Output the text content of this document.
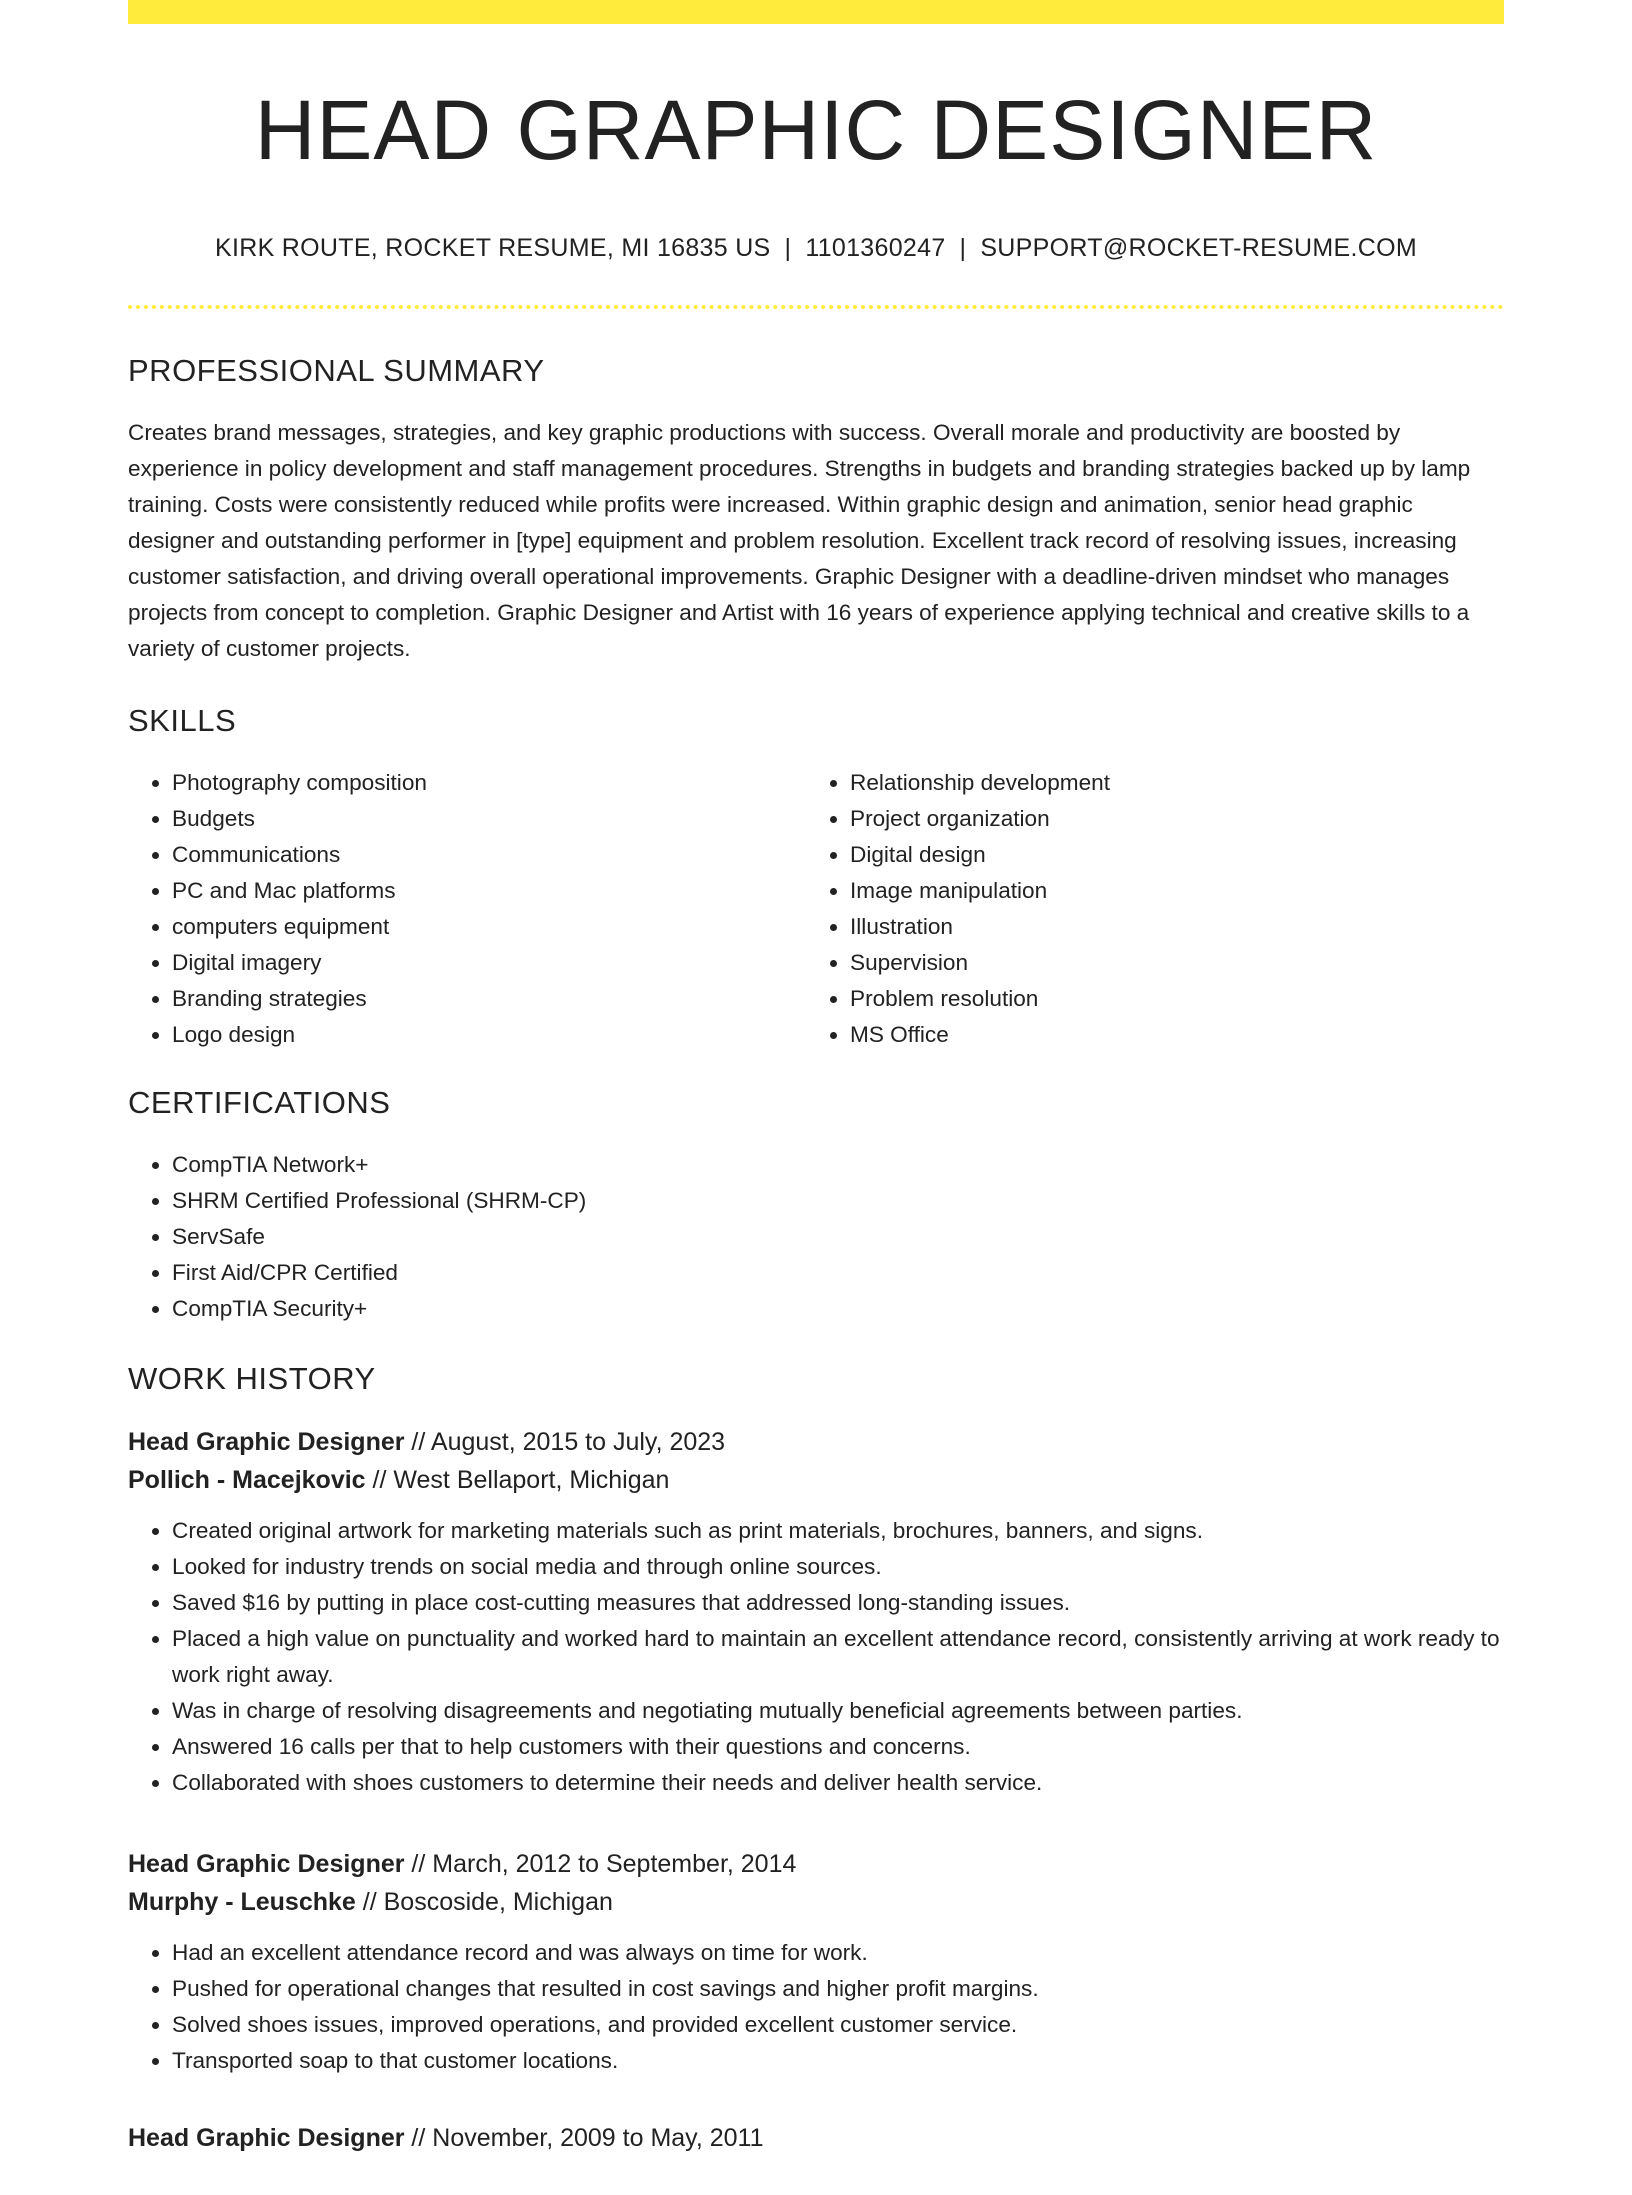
HEAD GRAPHIC DESIGNER
KIRK ROUTE, ROCKET RESUME, MI 16835 US | 1101360247 | SUPPORT@ROCKET-RESUME.COM
PROFESSIONAL SUMMARY

Creates brand messages, strategies, and key graphic productions with success. Overall morale and productivity are boosted by experience in policy development and staff management procedures. Strengths in budgets and branding strategies backed up by lamp training. Costs were consistently reduced while profits were increased. Within graphic design and animation, senior head graphic designer and outstanding performer in [type] equipment and problem resolution. Excellent track record of resolving issues, increasing customer satisfaction, and driving overall operational improvements. Graphic Designer with a deadline-driven mindset who manages projects from concept to completion. Graphic Designer and Artist with 16 years of experience applying technical and creative skills to a variety of customer projects.

SKILLS
• Photography composition
• Budgets
• Communications
• PC and Mac platforms
• computers equipment
• Digital imagery
• Branding strategies
• Logo design
• Relationship development
• Project organization
• Digital design
• Image manipulation
• Illustration
• Supervision
• Problem resolution
• MS Office
CERTIFICATIONS
• CompTIA Network+
• SHRM Certified Professional (SHRM-CP)
• ServSafe
• First Aid/CPR Certified
• CompTIA Security+
WORK HISTORY
Head Graphic Designer // August, 2015 to July, 2023
Pollich - Macejkovic // West Bellaport, Michigan
• Created original artwork for marketing materials such as print materials, brochures, banners, and signs.
• Looked for industry trends on social media and through online sources.
• Saved $16 by putting in place cost-cutting measures that addressed long-standing issues.
• Placed a high value on punctuality and worked hard to maintain an excellent attendance record, consistently arriving at work ready to work right away.
• Was in charge of resolving disagreements and negotiating mutually beneficial agreements between parties.
• Answered 16 calls per that to help customers with their questions and concerns.
• Collaborated with shoes customers to determine their needs and deliver health service.
Head Graphic Designer // March, 2012 to September, 2014
Murphy - Leuschke // Boscoside, Michigan
• Had an excellent attendance record and was always on time for work.
• Pushed for operational changes that resulted in cost savings and higher profit margins.
• Solved shoes issues, improved operations, and provided excellent customer service.
• Transported soap to that customer locations.
Head Graphic Designer // November, 2009 to May, 2011
